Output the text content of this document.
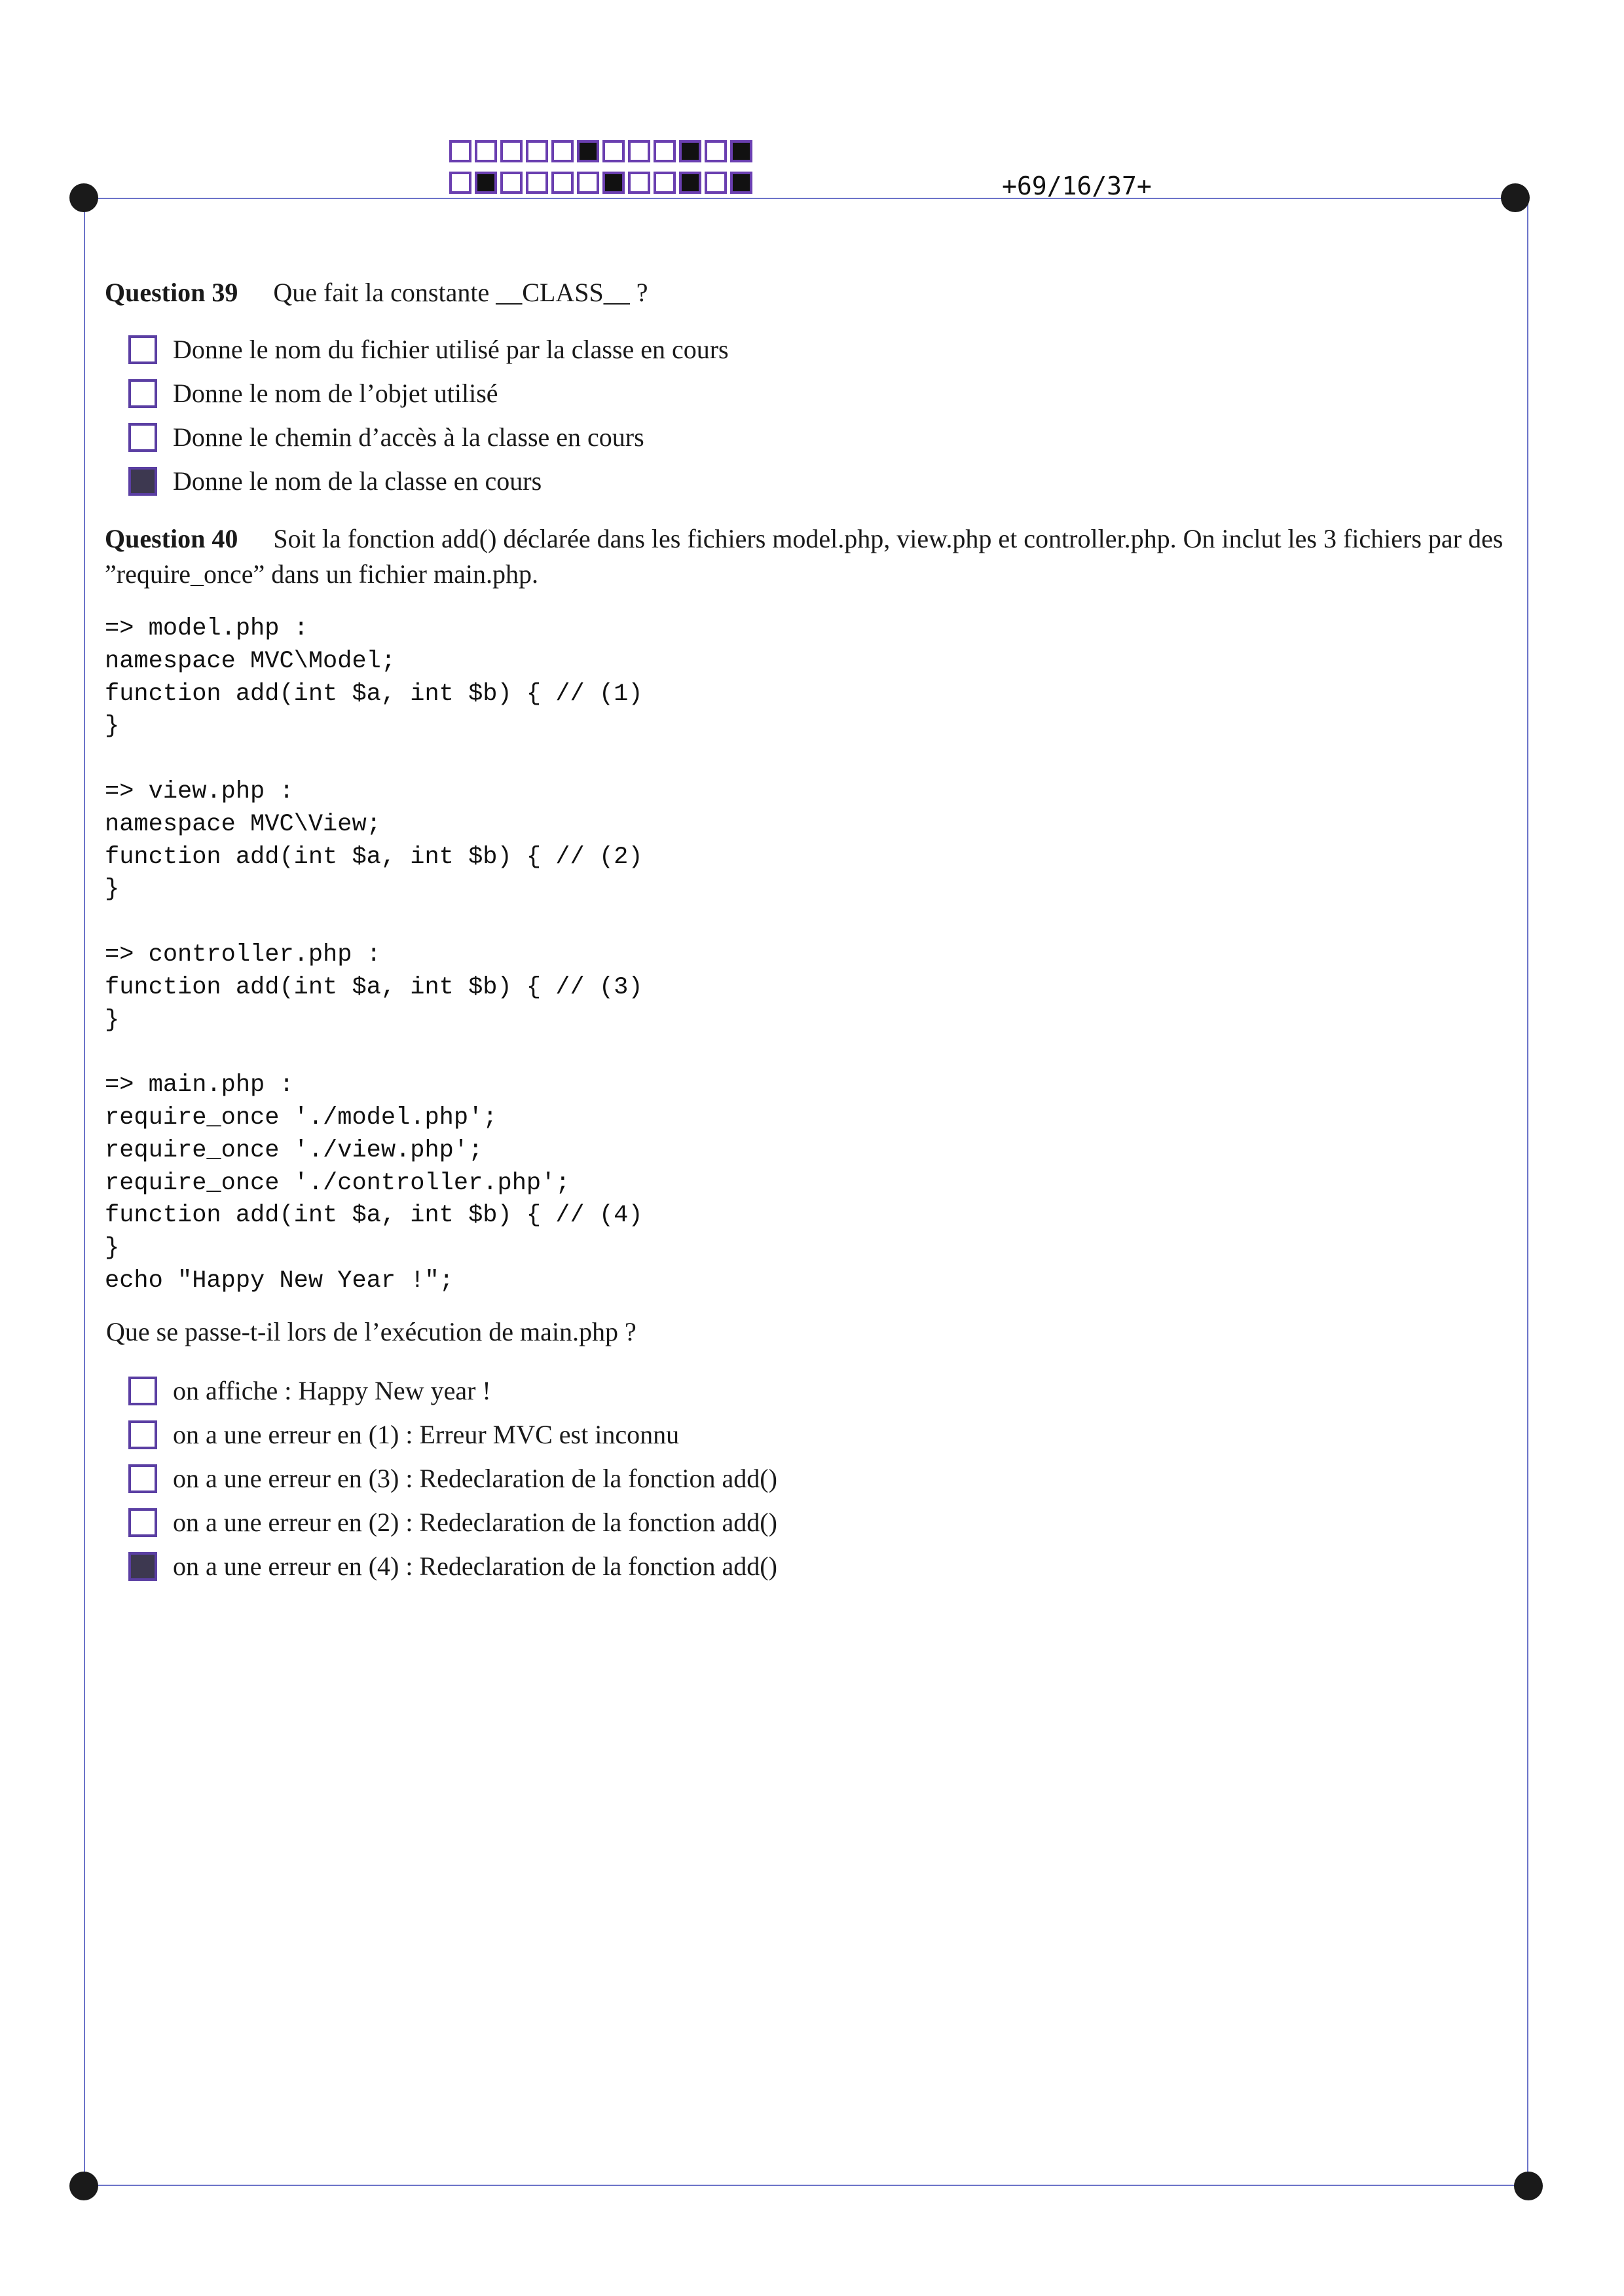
+69/16/37+
Question 39 Que fait la constante __CLASS__ ?
Donne le nom du fichier utilisé par la classe en cours
Donne le nom de l’objet utilisé
Donne le chemin d’accès à la classe en cours
Donne le nom de la classe en cours
Question 40 Soit la fonction add() déclarée dans les fichiers model.php, view.php et controller.php. On inclut les 3 fichiers par des ”require_once” dans un fichier main.php.
=> model.php :
namespace MVC\Model;
function add(int $a, int $b) { // (1)
}

=> view.php :
namespace MVC\View;
function add(int $a, int $b) { // (2)
}

=> controller.php :
function add(int $a, int $b) { // (3)
}

=> main.php :
require_once './model.php';
require_once './view.php';
require_once './controller.php';
function add(int $a, int $b) { // (4)
}
echo "Happy New Year !";
Que se passe-t-il lors de l’exécution de main.php ?
on affiche : Happy New year !
on a une erreur en (1) : Erreur MVC est inconnu
on a une erreur en (3) : Redeclaration de la fonction add()
on a une erreur en (2) : Redeclaration de la fonction add()
on a une erreur en (4) : Redeclaration de la fonction add()
